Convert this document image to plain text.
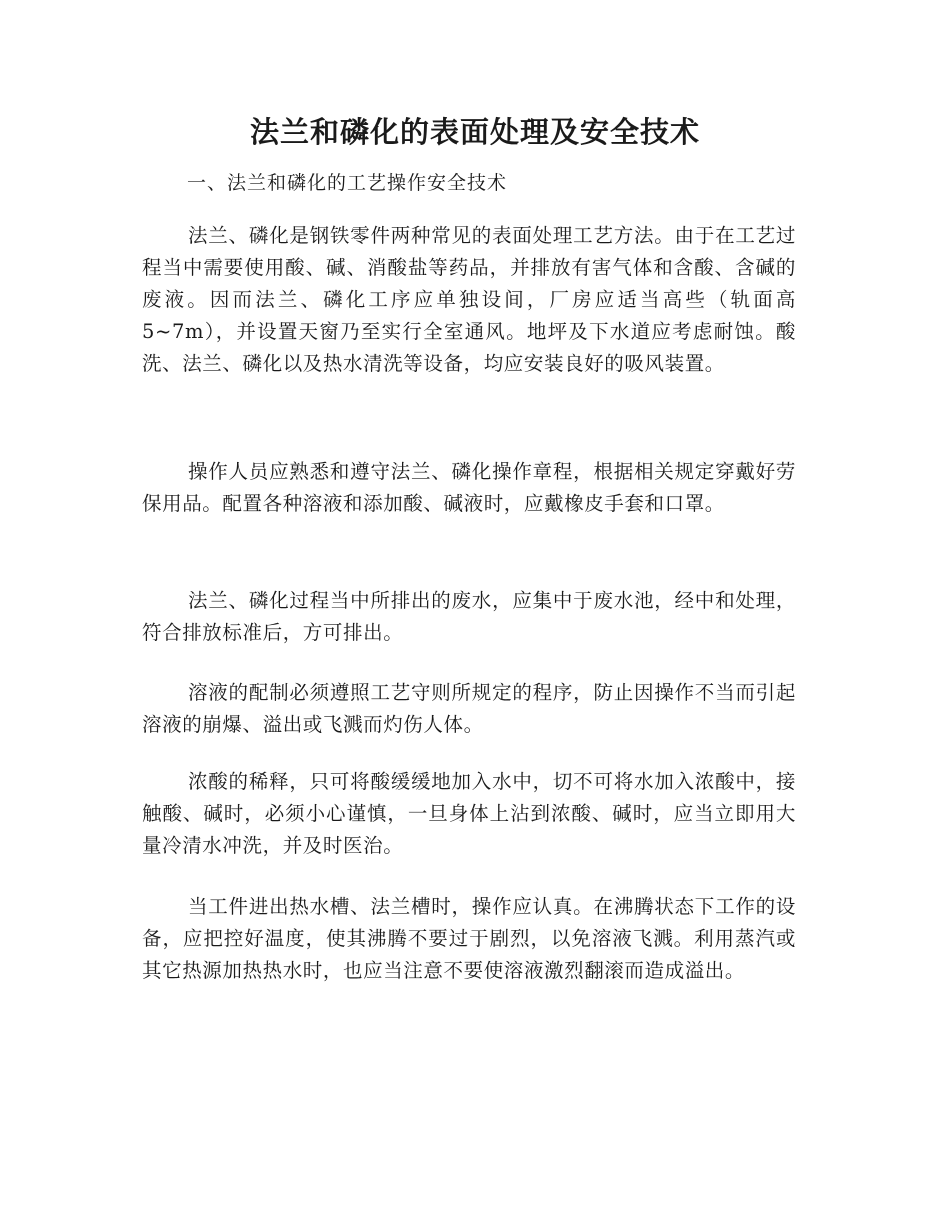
法兰和磷化的表面处理及安全技术

一、法兰和磷化的工艺操作安全技术

法兰、磷化是钢铁零件两种常见的表面处理工艺方法。由于在工艺过程当中需要使用酸、碱、消酸盐等药品，并排放有害气体和含酸、含碱的废液。因而法兰、磷化工序应单独设间，厂房应适当高些（轨面高5~7m），并设置天窗乃至实行全室通风。地坪及下水道应考虑耐蚀。酸洗、法兰、磷化以及热水清洗等设备，均应安装良好的吸风装置。

操作人员应熟悉和遵守法兰、磷化操作章程，根据相关规定穿戴好劳保用品。配置各种溶液和添加酸、碱液时，应戴橡皮手套和口罩。

法兰、磷化过程当中所排出的废水，应集中于废水池，经中和处理，符合排放标准后，方可排出。

溶液的配制必须遵照工艺守则所规定的程序，防止因操作不当而引起溶液的崩爆、溢出或飞溅而灼伤人体。

浓酸的稀释，只可将酸缓缓地加入水中，切不可将水加入浓酸中，接触酸、碱时，必须小心谨慎，一旦身体上沾到浓酸、碱时，应当立即用大量冷清水冲洗，并及时医治。

当工件进出热水槽、法兰槽时，操作应认真。在沸腾状态下工作的设备，应把控好温度，使其沸腾不要过于剧烈，以免溶液飞溅。利用蒸汽或其它热源加热热水时，也应当注意不要使溶液激烈翻滚而造成溢出。
